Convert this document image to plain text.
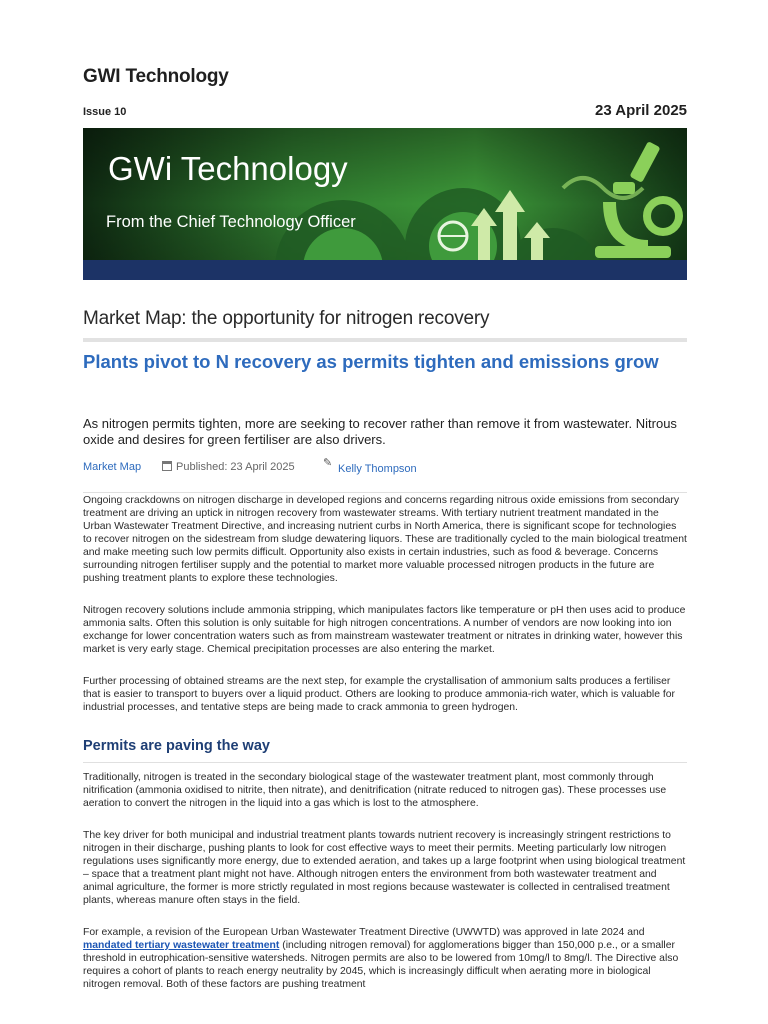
GWI Technology
Issue 10	23 April 2025
GWi Technology
From the Chief Technology Officer
Market Map: the opportunity for nitrogen recovery
Plants pivot to N recovery as permits tighten and emissions grow
As nitrogen permits tighten, more are seeking to recover rather than remove it from wastewater. Nitrous oxide and desires for green fertiliser are also drivers.
Market Map	Published: 23 April 2025	✎ Kelly Thompson

Ongoing crackdowns on nitrogen discharge in developed regions and concerns regarding nitrous oxide emissions from secondary treatment are driving an uptick in nitrogen recovery from wastewater streams. With tertiary nutrient treatment mandated in the Urban Wastewater Treatment Directive, and increasing nutrient curbs in North America, there is significant scope for technologies to recover nitrogen on the sidestream from sludge dewatering liquors. These are traditionally cycled to the main biological treatment and make meeting such low permits difficult. Opportunity also exists in certain industries, such as food & beverage. Concerns surrounding nitrogen fertiliser supply and the potential to market more valuable processed nitrogen products in the future are pushing treatment plants to explore these technologies.

Nitrogen recovery solutions include ammonia stripping, which manipulates factors like temperature or pH then uses acid to produce ammonia salts. Often this solution is only suitable for high nitrogen concentrations. A number of vendors are now looking into ion exchange for lower concentration waters such as from mainstream wastewater treatment or nitrates in drinking water, however this market is very early stage. Chemical precipitation processes are also entering the market.

Further processing of obtained streams are the next step, for example the crystallisation of ammonium salts produces a fertiliser that is easier to transport to buyers over a liquid product. Others are looking to produce ammonia-rich water, which is valuable for industrial processes, and tentative steps are being made to crack ammonia to green hydrogen.

Permits are paving the way

Traditionally, nitrogen is treated in the secondary biological stage of the wastewater treatment plant, most commonly through nitrification (ammonia oxidised to nitrite, then nitrate), and denitrification (nitrate reduced to nitrogen gas). These processes use aeration to convert the nitrogen in the liquid into a gas which is lost to the atmosphere.

The key driver for both municipal and industrial treatment plants towards nutrient recovery is increasingly stringent restrictions to nitrogen in their discharge, pushing plants to look for cost effective ways to meet their permits. Meeting particularly low nitrogen regulations uses significantly more energy, due to extended aeration, and takes up a large footprint when using biological treatment – space that a treatment plant might not have. Although nitrogen enters the environment from both wastewater treatment and animal agriculture, the former is more strictly regulated in most regions because wastewater is collected in centralised treatment plants, whereas manure often stays in the field.

For example, a revision of the European Urban Wastewater Treatment Directive (UWWTD) was approved in late 2024 and mandated tertiary wastewater treatment (including nitrogen removal) for agglomerations bigger than 150,000 p.e., or a smaller threshold in eutrophication-sensitive watersheds. Nitrogen permits are also to be lowered from 10mg/l to 8mg/l. The Directive also requires a cohort of plants to reach energy neutrality by 2045, which is increasingly difficult when aerating more in biological nitrogen removal. Both of these factors are pushing treatment
